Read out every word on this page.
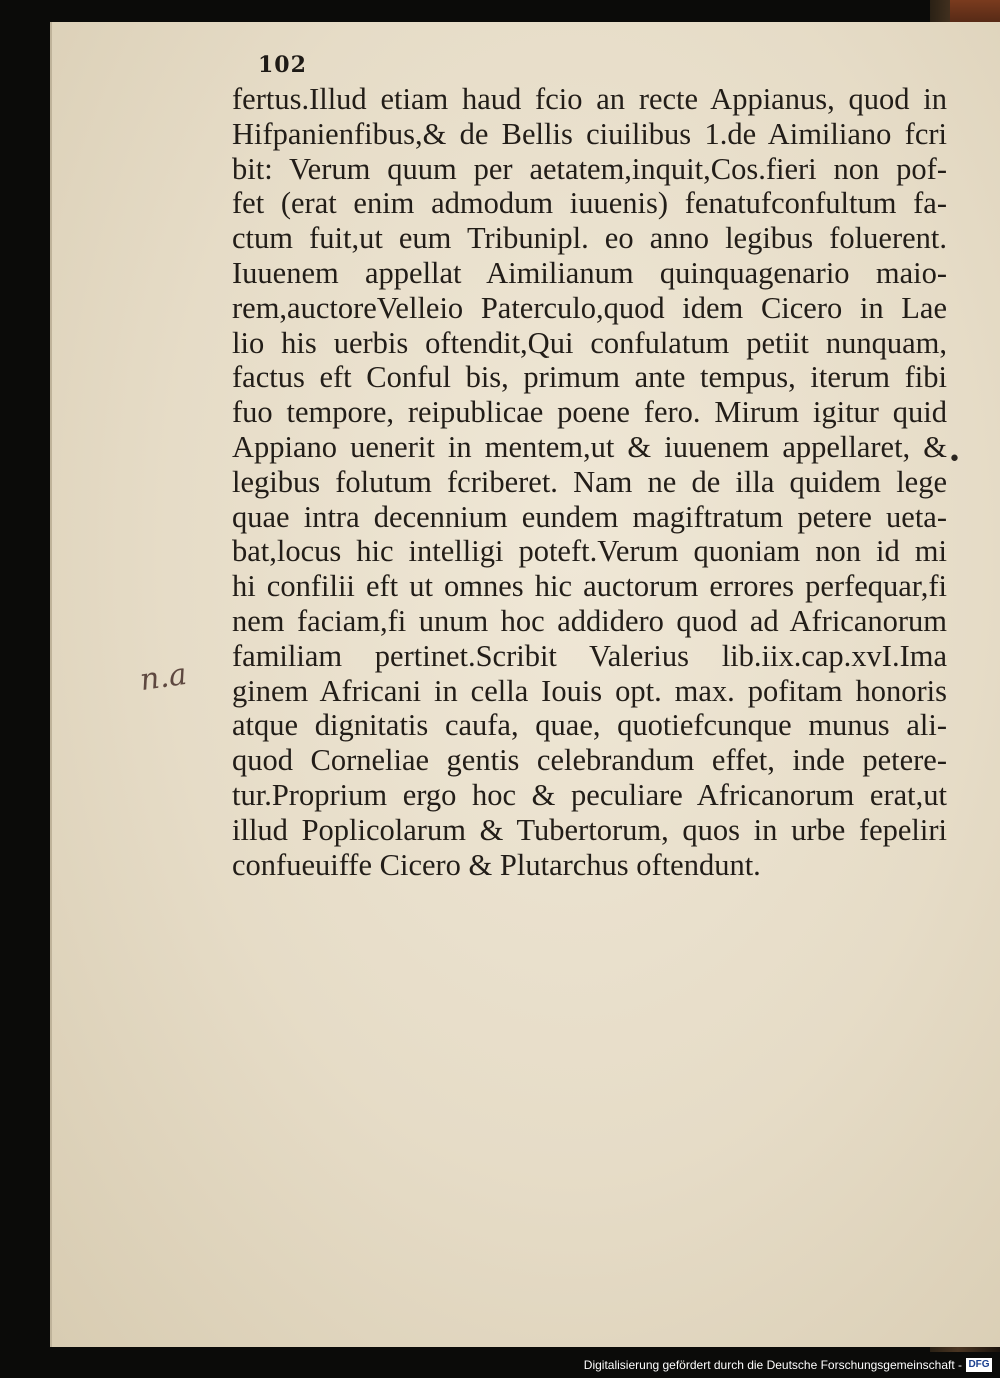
102
fertus.Illud etiam haud fcio an recte Appianus, quod in
Hifpanienfibus,& de Bellis ciuilibus 1.de Aimiliano fcri
bit: Verum quum per aetatem,inquit,Cos.fieri non pof-
fet (erat enim admodum iuuenis) fenatufconfultum fa-
ctum fuit,ut eum Tribunipl. eo anno legibus foluerent.
Iuuenem appellat Aimilianum quinquagenario maio-
rem,auctoreVelleio Paterculo,quod idem Cicero in Lae
lio his uerbis oftendit,Qui confulatum petiit nunquam,
factus eft Conful bis, primum ante tempus, iterum fibi
fuo tempore, reipublicae poene fero. Mirum igitur quid
Appiano uenerit in mentem,ut & iuuenem appellaret, &
legibus folutum fcriberet. Nam ne de illa quidem lege
quae intra decennium eundem magiftratum petere ueta-
bat,locus hic intelligi poteft.Verum quoniam non id mi
hi confilii eft ut omnes hic auctorum errores perfequar,fi
nem faciam,fi unum hoc addidero quod ad Africanorum
familiam pertinet.Scribit Valerius lib.iix.cap.xvI.Ima
ginem Africani in cella Iouis opt. max. pofitam honoris
atque dignitatis caufa, quae, quotiefcunque munus ali-
quod Corneliae gentis celebrandum effet, inde petere-
tur.Proprium ergo hoc & peculiare Africanorum erat,ut
illud Poplicolarum & Tubertorum, quos in urbe fepeliri
confueuiffe Cicero & Plutarchus oftendunt.
n.a
•
Digitalisierung gefördert durch die Deutsche Forschungsgemeinschaft - DFG
